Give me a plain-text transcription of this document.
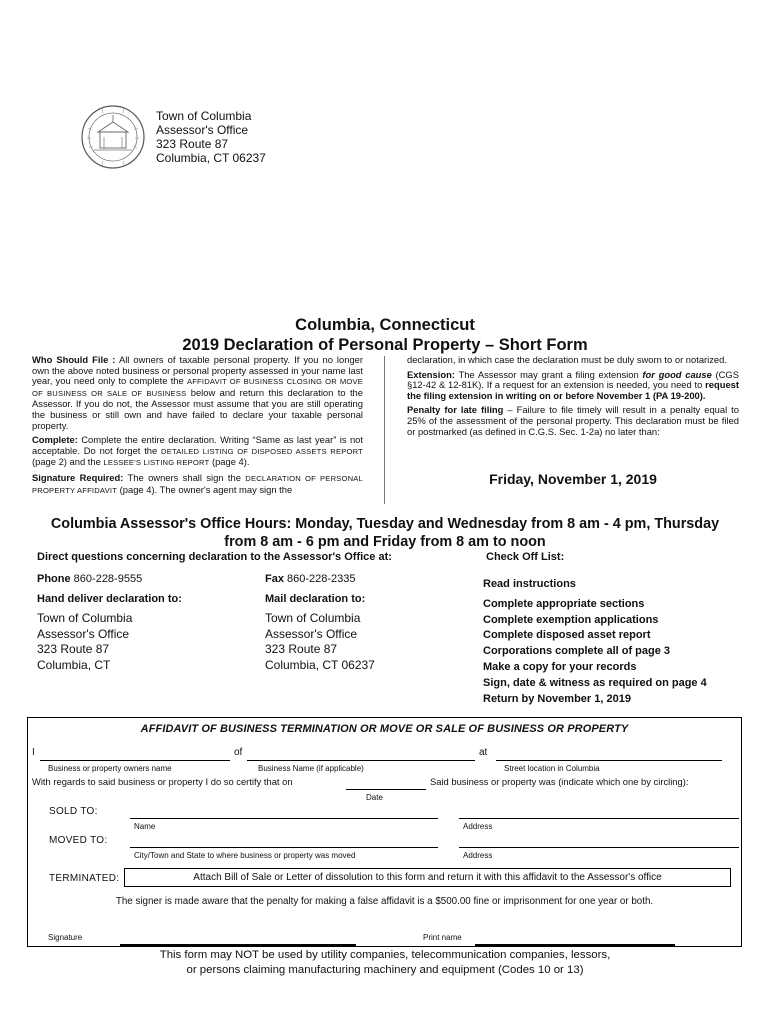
Town of Columbia
Assessor's Office
323 Route 87
Columbia, CT 06237
Columbia, Connecticut
2019 Declaration of Personal Property – Short Form

Who Should File : All owners of taxable personal property. If you no longer own the above noted business or personal property assessed in your name last year, you need only to complete the AFFIDAVIT OF BUSINESS CLOSING OR MOVE OF BUSINESS OR SALE OF BUSINESS below and return this declaration to the Assessor. If you do not, the Assessor must assume that you are still operating the business or still own and have failed to declare your taxable personal property.

Complete: Complete the entire declaration. Writing “Same as last year” is not acceptable. Do not forget the DETAILED LISTING OF DISPOSED ASSETS REPORT (page 2) and the LESSEE'S LISTING REPORT (page 4).

Signature Required: The owners shall sign the DECLARATION OF PERSONAL PROPERTY AFFIDAVIT (page 4). The owner's agent may sign the

declaration, in which case the declaration must be duly sworn to or notarized.

Extension: The Assessor may grant a filing extension for good cause (CGS §12-42 & 12-81K). If a request for an extension is needed, you need to request the filing extension in writing on or before November 1 (PA 19-200).

Penalty for late filing – Failure to file timely will result in a penalty equal to 25% of the assessment of the personal property. This declaration must be filed or postmarked (as defined in C.G.S. Sec. 1-2a) no later than:

Friday, November 1, 2019
Columbia Assessor's Office Hours: Monday, Tuesday and Wednesday from 8 am - 4 pm, Thursday
from 8 am - 6 pm and Friday from 8 am to noon
Direct questions concerning declaration to the Assessor's Office at:
Phone 860-228-9555	Fax 860-228-2335
Hand deliver declaration to:	Mail declaration to:
Town of Columbia
Assessor's Office
323 Route 87
Columbia, CT
Town of Columbia
Assessor's Office
323 Route 87
Columbia, CT 06237
Check Off List:
Read instructions
Complete appropriate sections
Complete exemption applications
Complete disposed asset report
Corporations complete all of page 3
Make a copy for your records
Sign, date & witness as required on page 4
Return by November 1, 2019
AFFIDAVIT OF BUSINESS TERMINATION OR MOVE OR SALE OF BUSINESS OR PROPERTY
I	of	at
Business or property owners name	Business Name (if applicable)	Street location in Columbia
With regards to said business or property I do so certify that on	Said business or property was (indicate which one by circling):
Date
SOLD TO:
Name	Address
MOVED TO:
City/Town and State to where business or property was moved	Address
TERMINATED:	Attach Bill of Sale or Letter of dissolution to this form and return it with this affidavit to the Assessor's office
The signer is made aware that the penalty for making a false affidavit is a $500.00 fine or imprisonment for one year or both.
Signature	Print name
This form may NOT be used by utility companies, telecommunication companies, lessors,
or persons claiming manufacturing machinery and equipment (Codes 10 or 13)
